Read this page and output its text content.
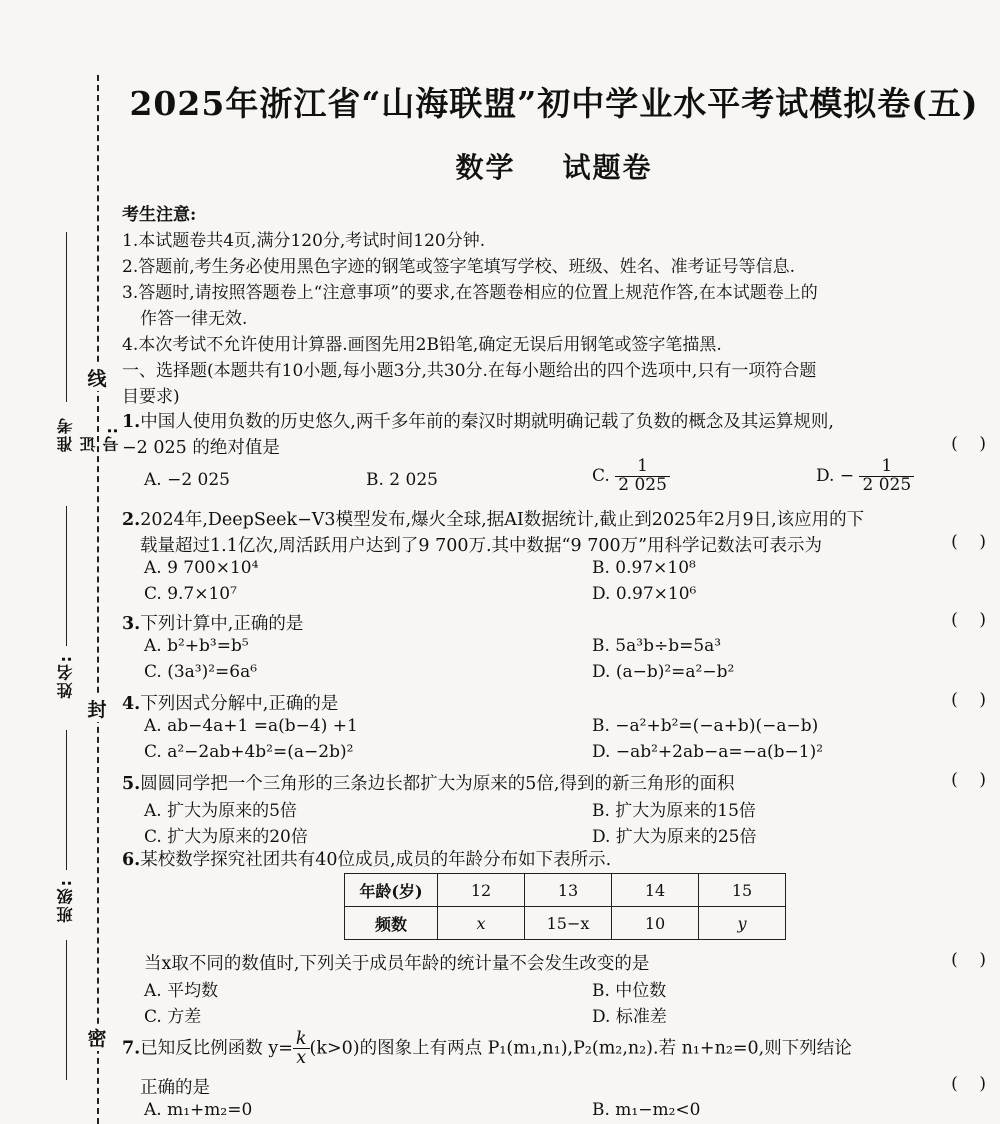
线
封
密
准考证号:
姓名:
班级:
2025年浙江省“山海联盟”初中学业水平考试模拟卷(五)
数学    试题卷
考生注意:
1.本试题卷共4页,满分120分,考试时间120分钟.
2.答题前,考生务必使用黑色字迹的钢笔或签字笔填写学校、班级、姓名、准考证号等信息.
3.答题时,请按照答题卷上“注意事项”的要求,在答题卷相应的位置上规范作答,在本试题卷上的
作答一律无效.
4.本次考试不允许使用计算器.画图先用2B铅笔,确定无误后用钢笔或签字笔描黑.
一、选择题(本题共有10小题,每小题3分,共30分.在每小题给出的四个选项中,只有一项符合题
目要求)
1.中国人使用负数的历史悠久,两千多年前的秦汉时期就明确记载了负数的概念及其运算规则,
−2 025 的绝对值是	(    )
A. −2 025	B. 2 025	C. $\frac{1}{2 025}$	D. − $\frac{1}{2 025}$
2.2024年,DeepSeek−V3模型发布,爆火全球,据AI数据统计,截止到2025年2月9日,该应用的下
载量超过1.1亿次,周活跃用户达到了9 700万.其中数据“9 700万”用科学记数法可表示为	(    )
A. 9 700×10⁴	B. 0.97×10⁸
C. 9.7×10⁷	D. 0.97×10⁶
3.下列计算中,正确的是	(    )
A. b²+b³=b⁵	B. 5a³b÷b=5a³
C. (3a³)²=6a⁶	D. (a−b)²=a²−b²
4.下列因式分解中,正确的是	(    )
A. ab−4a+1 =a(b−4) +1	B. −a²+b²=(−a+b)(−a−b)
C. a²−2ab+4b²=(a−2b)²	D. −ab²+2ab−a=−a(b−1)²
5.圆圆同学把一个三角形的三条边长都扩大为原来的5倍,得到的新三角形的面积	(    )
A. 扩大为原来的5倍	B. 扩大为原来的15倍
C. 扩大为原来的20倍	D. 扩大为原来的25倍
6.某校数学探究社团共有40位成员,成员的年龄分布如下表所示.
年龄(岁)	12	13	14	15
频数	x	15−x	10	y
当x取不同的数值时,下列关于成员年龄的统计量不会发生改变的是	(    )
A. 平均数	B. 中位数
C. 方差	D. 标准差
7.已知反比例函数 $y= \frac{k}{x} (k>0)$的图象上有两点 P₁(m₁,n₁),P₂(m₂,n₂).若 n₁+n₂=0,则下列结论
正确的是	(    )
A. m₁+m₂=0	B. m₁−m₂<0
